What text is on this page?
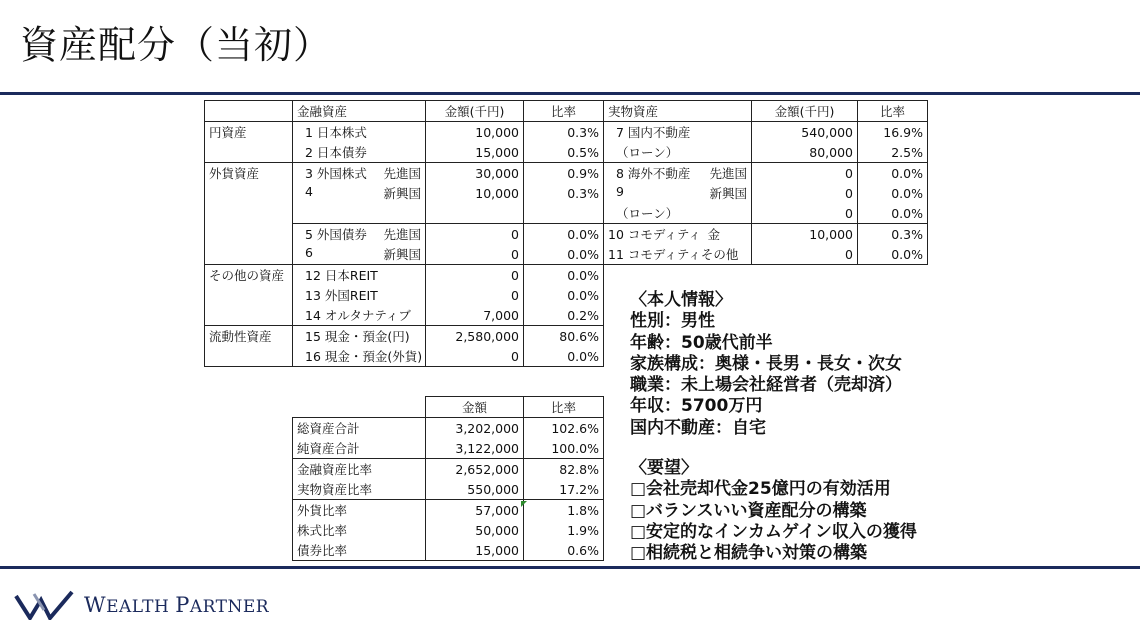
資産配分（当初）
	金融資産	金額(千円)	比率	実物資産	金額(千円)	比率
円資産	1 日本株式	10,000	0.3%	7 国内不動産	540,000	16.9%
	2 日本債券	15,000	0.5%	（ローン）	80,000	2.5%
外貨資産	3 外国株式 先進国	30,000	0.9%	8 海外不動産 先進国	0	0.0%

	4 新興国	10,000	0.3%	9 新興国	0	0.0%
				（ローン）	0	0.0%

	5 外国債券 先進国	0	0.0%	10 コモディティ 金	10,000	0.3%

	6 新興国	0	0.0%	11 コモディティ その他	0	0.0%
その他の資産	12 日本REIT	0	0.0%			
	13 外国REIT	0	0.0%			
	14 オルタナティブ	7,000	0.2%			
流動性資産	15 現金・預金(円)	2,580,000	80.6%			
	16 現金・預金(外貨)	0	0.0%			
	金額	比率
総資産合計	3,202,000	102.6%
純資産合計	3,122,000	100.0%
金融資産比率	2,652,000	82.8%
実物資産比率	550,000	17.2%
外貨比率	57,000	1.8%
株式比率	50,000	1.9%
債券比率	15,000	0.6%
〈本人情報〉
性別：男性
年齢：50歳代前半
家族構成：奥様・長男・長女・次女
職業：未上場会社経営者（売却済）
年収：5700万円
国内不動産：自宅
〈要望〉
□会社売却代金25億円の有効活用
□バランスいい資産配分の構築
□安定的なインカムゲイン収入の獲得
□相続税と相続争い対策の構築
WEALTH PARTNER
